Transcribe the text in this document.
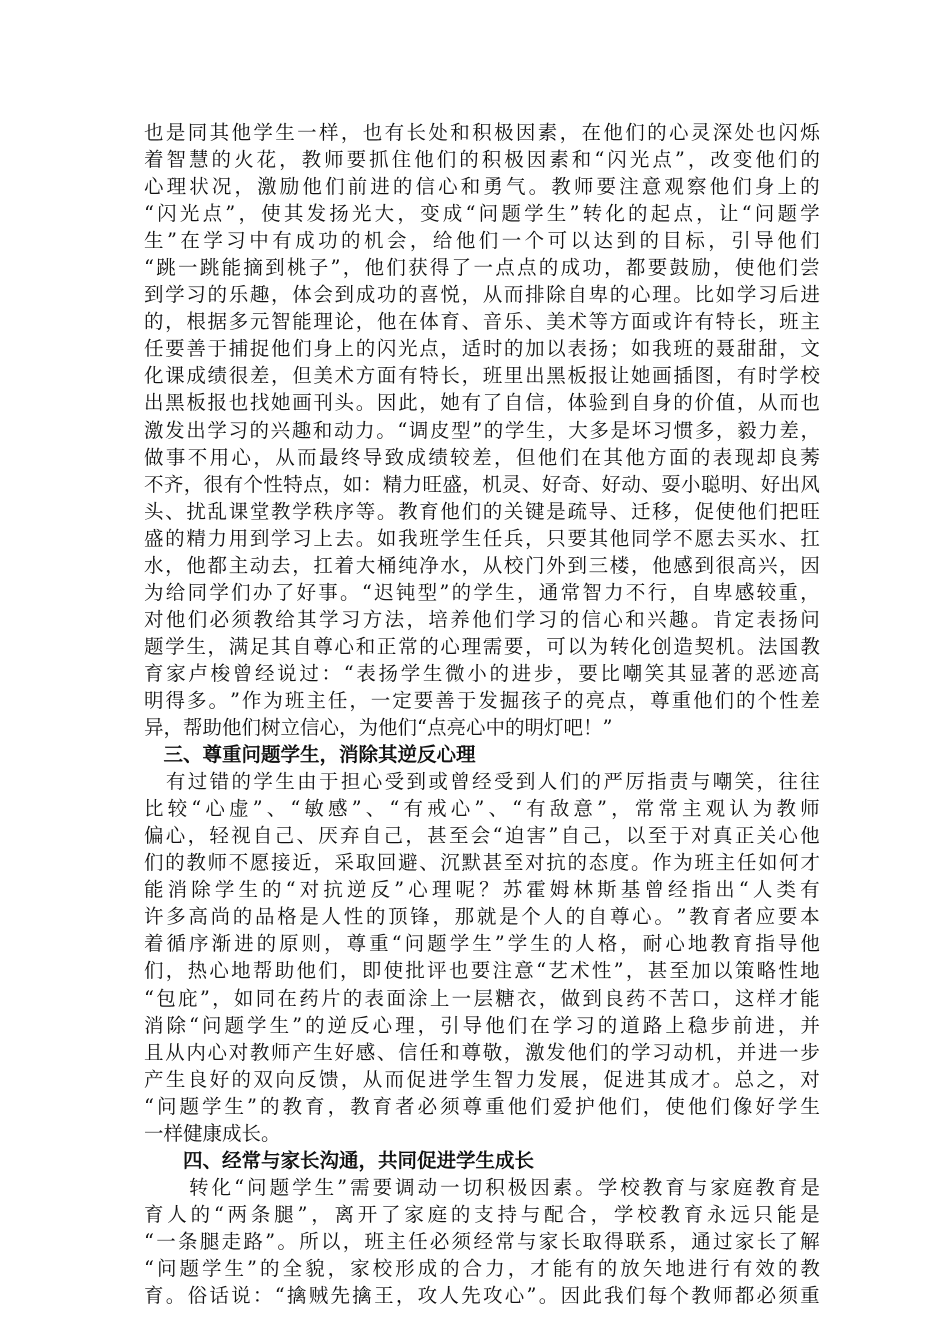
也 是 同 其 他 学 生 一 样 ， 也 有 长 处 和 积 极 因 素 ， 在 他 们 的 心 灵 深 处 也 闪 烁
着 智 慧 的 火 花 ， 教 师 要 抓 住 他 们 的 积 极 因 素 和 “ 闪 光 点 ” ， 改 变 他 们 的
心 理 状 况 ， 激 励 他 们 前 进 的 信 心 和 勇 气 。 教 师 要 注 意 观 察 他 们 身 上 的
“ 闪 光 点 ” ， 使 其 发 扬 光 大 ， 变 成 “ 问 题 学 生 ” 转 化 的 起 点 ， 让 “ 问 题 学
生 ” 在 学 习 中 有 成 功 的 机 会 ， 给 他 们 一 个 可 以 达 到 的 目 标 ， 引 导 他 们
“ 跳 一 跳 能 摘 到 桃 子 ” ， 他 们 获 得 了 一 点 点 的 成 功 ， 都 要 鼓 励 ， 使 他 们 尝
到 学 习 的 乐 趣 ， 体 会 到 成 功 的 喜 悦 ， 从 而 排 除 自 卑 的 心 理 。 比 如 学 习 后 进
的 ， 根 据 多 元 智 能 理 论 ， 他 在 体 育 、 音 乐 、 美 术 等 方 面 或 许 有 特 长 ， 班 主
任 要 善 于 捕 捉 他 们 身 上 的 闪 光 点 ， 适 时 的 加 以 表 扬 ； 如 我 班 的 聂 甜 甜 ， 文
化 课 成 绩 很 差 ， 但 美 术 方 面 有 特 长 ， 班 里 出 黑 板 报 让 她 画 插 图 ， 有 时 学 校
出 黑 板 报 也 找 她 画 刊 头 。 因 此 ， 她 有 了 自 信 ， 体 验 到 自 身 的 价 值 ， 从 而 也
激 发 出 学 习 的 兴 趣 和 动 力 。 “ 调 皮 型 ” 的 学 生 ， 大 多 是 坏 习 惯 多 ， 毅 力 差 ，
做 事 不 用 心 ， 从 而 最 终 导 致 成 绩 较 差 ， 但 他 们 在 其 他 方 面 的 表 现 却 良 莠
不 齐 ， 很 有 个 性 特 点 ， 如 ： 精 力 旺 盛 ， 机 灵 、 好 奇 、 好 动 、 耍 小 聪 明 、 好 出 风
头 、 扰 乱 课 堂 教 学 秩 序 等 。 教 育 他 们 的 关 键 是 疏 导 、 迁 移 ， 促 使 他 们 把 旺
盛 的 精 力 用 到 学 习 上 去 。 如 我 班 学 生 任 兵 ， 只 要 其 他 同 学 不 愿 去 买 水 、 扛
水 ， 他 都 主 动 去 ， 扛 着 大 桶 纯 净 水 ， 从 校 门 外 到 三 楼 ， 他 感 到 很 高 兴 ， 因
为 给 同 学 们 办 了 好 事 。 “ 迟 钝 型 ” 的 学 生 ， 通 常 智 力 不 行 ， 自 卑 感 较 重 ，
对 他 们 必 须 教 给 其 学 习 方 法 ， 培 养 他 们 学 习 的 信 心 和 兴 趣 。 肯 定 表 扬 问
题 学 生 ， 满 足 其 自 尊 心 和 正 常 的 心 理 需 要 ， 可 以 为 转 化 创 造 契 机 。 法 国 教
育 家 卢 梭 曾 经 说 过 ： “ 表 扬 学 生 微 小 的 进 步 ， 要 比 嘲 笑 其 显 著 的 恶 迹 高
明 得 多 。 ” 作 为 班 主 任 ， 一 定 要 善 于 发 掘 孩 子 的 亮 点 ， 尊 重 他 们 的 个 性 差
异，帮助他们树立信心，为他们“点亮心中的明灯吧！”
　三、尊重问题学生，消除其逆反心理

有 过 错 的 学 生 由 于 担 心 受 到 或 曾 经 受 到 人 们 的 严 厉 指 责 与 嘲 笑 ， 往 往
比 较 “ 心 虚 ” 、 “ 敏 感 ” 、 “ 有 戒 心 ” 、 “ 有 敌 意 ” ， 常 常 主 观 认 为 教 师
偏 心 ， 轻 视 自 己 、 厌 弃 自 己 ， 甚 至 会 “ 迫 害 ” 自 己 ， 以 至 于 对 真 正 关 心 他
们 的 教 师 不 愿 接 近 ， 采 取 回 避 、 沉 默 甚 至 对 抗 的 态 度 。 作 为 班 主 任 如 何 才
能 消 除 学 生 的 “ 对 抗 逆 反 ” 心 理 呢 ？ 苏 霍 姆 林 斯 基 曾 经 指 出 “ 人 类 有
许 多 高 尚 的 品 格 是 人 性 的 顶 锋 ， 那 就 是 个 人 的 自 尊 心 。 ” 教 育 者 应 要 本
着 循 序 渐 进 的 原 则 ， 尊 重 “ 问 题 学 生 ” 学 生 的 人 格 ， 耐 心 地 教 育 指 导 他
们 ， 热 心 地 帮 助 他 们 ， 即 使 批 评 也 要 注 意 “ 艺 术 性 ” ， 甚 至 加 以 策 略 性 地
“ 包 庇 ” ， 如 同 在 药 片 的 表 面 涂 上 一 层 糖 衣 ， 做 到 良 药 不 苦 口 ， 这 样 才 能
消 除 “ 问 题 学 生 ” 的 逆 反 心 理 ， 引 导 他 们 在 学 习 的 道 路 上 稳 步 前 进 ， 并
且 从 内 心 对 教 师 产 生 好 感 、 信 任 和 尊 敬 ， 激 发 他 们 的 学 习 动 机 ， 并 进 一 步
产 生 良 好 的 双 向 反 馈 ， 从 而 促 进 学 生 智 力 发 展 ， 促 进 其 成 才 。 总 之 ， 对
“ 问 题 学 生 ” 的 教 育 ， 教 育 者 必 须 尊 重 他 们 爱 护 他 们 ， 使 他 们 像 好 学 生
一样健康成长。
　　四、经常与家长沟通，共同促进学生成长

转 化 “ 问 题 学 生 ” 需 要 调 动 一 切 积 极 因 素 。 学 校 教 育 与 家 庭 教 育 是
育 人 的 “ 两 条 腿 ” ， 离 开 了 家 庭 的 支 持 与 配 合 ， 学 校 教 育 永 远 只 能 是
“ 一 条 腿 走 路 ” 。 所 以 ， 班 主 任 必 须 经 常 与 家 长 取 得 联 系 ， 通 过 家 长 了 解
“ 问 题 学 生 ” 的 全 貌 ， 家 校 形 成 的 合 力 ， 才 能 有 的 放 矢 地 进 行 有 效 的 教
育 。 俗 话 说 ： “ 擒 贼 先 擒 王 ， 攻 人 先 攻 心 ” 。 因 此 我 们 每 个 教 师 都 必 须 重
